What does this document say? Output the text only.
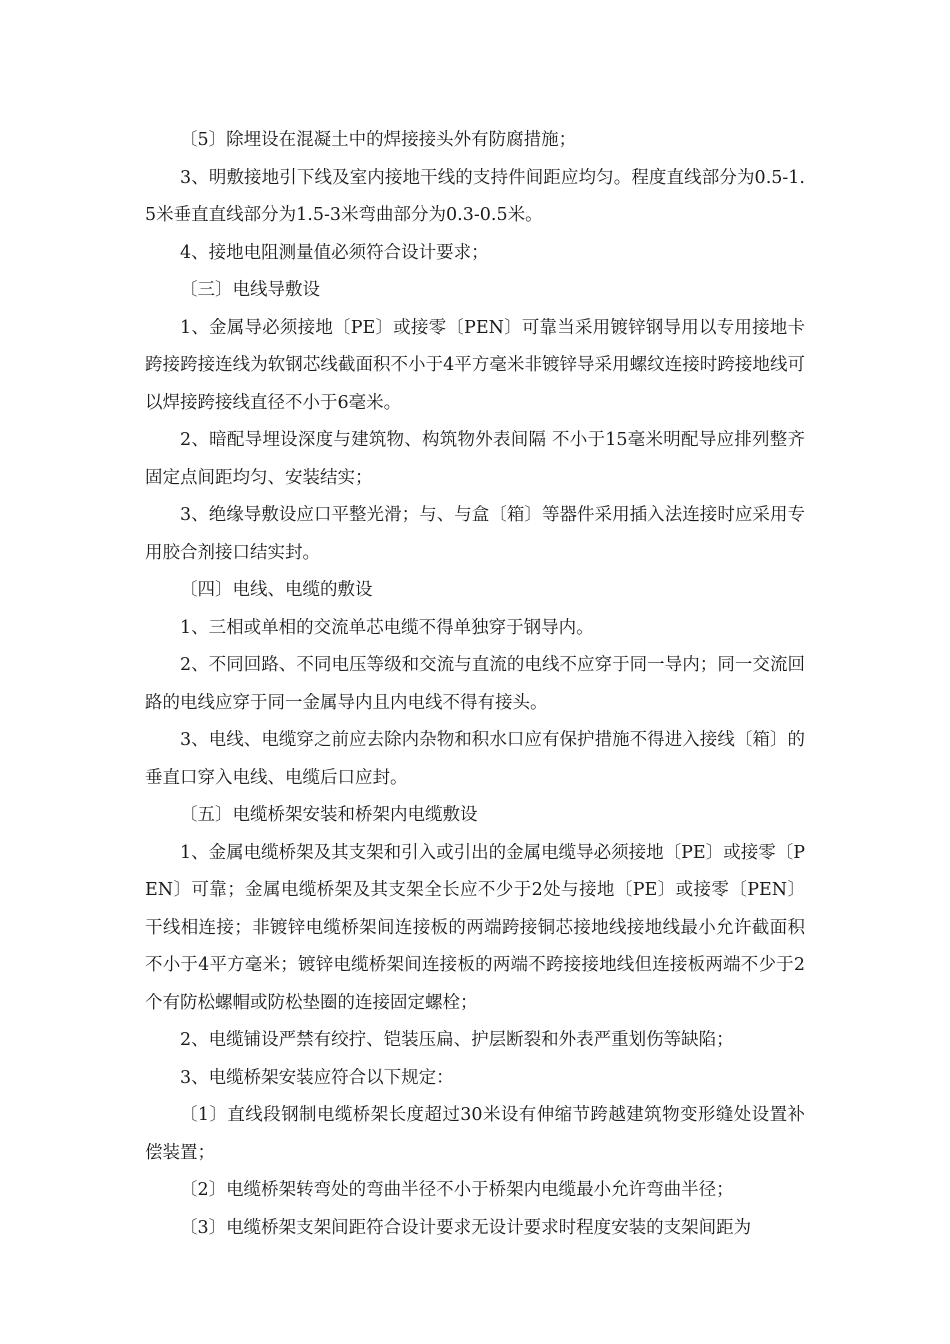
〔5〕除埋设在混凝土中的焊接接头外有防腐措施；

3、明敷接地引下线及室内接地干线的支持件间距应均匀。程度直线部分为0.5-1.5米垂直直线部分为1.5-3米弯曲部分为0.3-0.5米。

4、接地电阻测量值必须符合设计要求；

〔三〕电线导敷设

1、金属导必须接地〔PE〕或接零〔PEN〕可靠当采用镀锌钢导用以专用接地卡跨接跨接连线为软钢芯线截面积不小于4平方毫米非镀锌导采用螺纹连接时跨接地线可以焊接跨接线直径不小于6毫米。

2、暗配导埋设深度与建筑物、构筑物外表间隔 不小于15毫米明配导应排列整齐固定点间距均匀、安装结实；

3、绝缘导敷设应口平整光滑；与、与盒〔箱〕等器件采用插入法连接时应采用专用胶合剂接口结实封。

〔四〕电线、电缆的敷设

1、三相或单相的交流单芯电缆不得单独穿于钢导内。

2、不同回路、不同电压等级和交流与直流的电线不应穿于同一导内；同一交流回路的电线应穿于同一金属导内且内电线不得有接头。

3、电线、电缆穿之前应去除内杂物和积水口应有保护措施不得进入接线〔箱〕的垂直口穿入电线、电缆后口应封。

〔五〕电缆桥架安装和桥架内电缆敷设

1、金属电缆桥架及其支架和引入或引出的金属电缆导必须接地〔PE〕或接零〔PEN〕可靠；金属电缆桥架及其支架全长应不少于2处与接地〔PE〕或接零〔PEN〕干线相连接；非镀锌电缆桥架间连接板的两端跨接铜芯接地线接地线最小允许截面积不小于4平方毫米；镀锌电缆桥架间连接板的两端不跨接接地线但连接板两端不少于2个有防松螺帽或防松垫圈的连接固定螺栓；

2、电缆铺设严禁有绞拧、铠装压扁、护层断裂和外表严重划伤等缺陷；

3、电缆桥架安装应符合以下规定：

〔1〕直线段钢制电缆桥架长度超过30米设有伸缩节跨越建筑物变形缝处设置补偿装置；

〔2〕电缆桥架转弯处的弯曲半径不小于桥架内电缆最小允许弯曲半径；

〔3〕电缆桥架支架间距符合设计要求无设计要求时程度安装的支架间距为
